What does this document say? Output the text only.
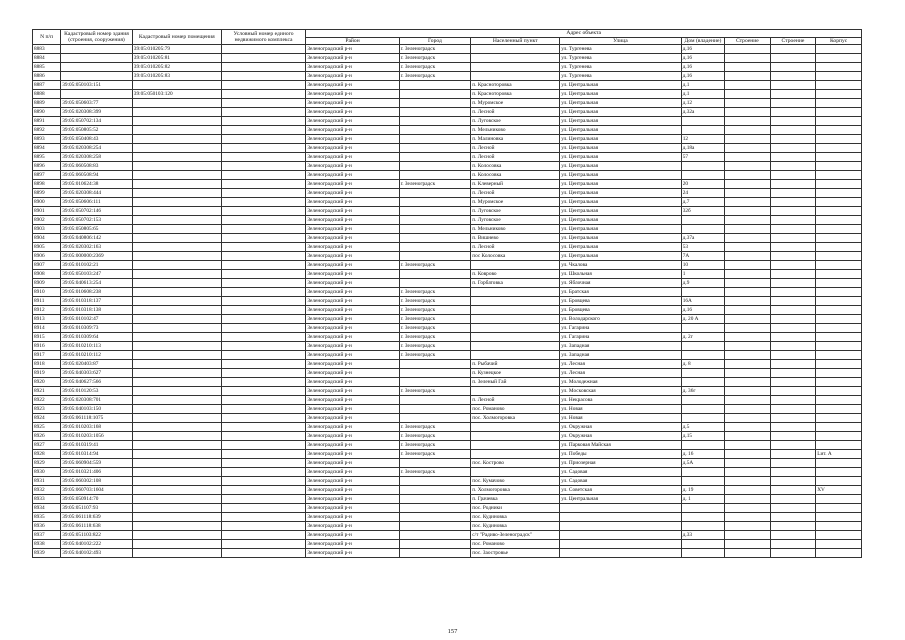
N п/п	Кадастровый номер здания (строения, сооружения)	Кадастровый номер помещения	Условный номер единого недвижимого комплекса	Адрес объекта							
				Район	Город	Населенный пункт	Улица	Дом (владение)	Строение	Строение	Корпус
8883		39:05:010205:79		Зеленоградский р-н	г. Зеленоградск		ул. Тургенева	д.16			
8884		39:05:010205:81		Зеленоградский р-н	г. Зеленоградск		ул. Тургенева	д.16			
8885		39:05:010205:82		Зеленоградский р-н	г. Зеленоградск		ул. Тургенева	д.16			
8886		39:05:010205:83		Зеленоградский р-н	г. Зеленоградск		ул. Тургенева	д.16			
8887	39:05:050103:151			Зеленоградский р-н		п. Красноторовка	ул. Центральная	д.1			
8888		39:05:050103:120		Зеленоградский р-н		п. Красноторовка	ул. Центральная	д.1			
8889	39:05:050603:77			Зеленоградский р-н		п. Муромское	ул. Центральная	д.12			
8890	39:05:020308:399			Зеленоградский р-н		п. Лесной	ул. Центральная	д.32а			
8891	39:05:050702:134			Зеленоградский р-н		п. Луговское	ул. Центральная				
8892	39:05:050805:52			Зеленоградский р-н		п. Мельниково	ул. Центральная				
8893	39:05:050408:43			Зеленоградский р-н		п. Малиновка	ул. Центральная	12			
8894	39:05:020308:254			Зеленоградский р-н		п. Лесной	ул. Центральная	д.18а			
8895	39:05:020308:258			Зеленоградский р-н		п. Лесной	ул. Центральная	57			
8896	39:05:060508:83			Зеленоградский р-н		п. Колосовка	ул. Центральная				
8897	39:05:060508:94			Зеленоградский р-н		п. Колосовка	ул. Центральная				
8898	39:05:010624:38			Зеленоградский р-н	г. Зеленоградск	п. Клеверный	ул. Центральная	20			
8899	39:05:020308:444			Зеленоградский р-н		п. Лесной	ул. Центральная	24			
8900	39:05:050606:111			Зеленоградский р-н		п. Муромское	ул. Центральная	д.7			
8901	39:05:050702:146			Зеленоградский р-н		п. Луговское	ул. Центральная	32б			
8902	39:05:050702:153			Зеленоградский р-н		п. Луговское	ул. Центральная				
8903	39:05:050805:65			Зеленоградский р-н		п. Мельниково	ул. Центральная				
8904	39:05:040806:142			Зеленоградский р-н		п. Вишнево	ул. Центральная	д.37а			
8905	39:05:020302:163			Зеленоградский р-н		п. Лесной	ул. Центральная	53			
8906	39:05:000000:2369			Зеленоградский р-н		пос Колосовка	ул. Центральная	7А			
8907	39:05:010102:21			Зеленоградский р-н	г. Зеленоградск		ул. Чкалова	10			
8908	39:05:050103:247			Зеленоградский р-н		п. Коврово	ул. Школьная	1			
8909	39:05:040613:254			Зеленоградский р-н		п. Горбатовка	ул. Яблочная	д.9			
8910	39:05:010608:238			Зеленоградский р-н	г. Зеленоградск		ул. Братская				
8911	39:05:010318:137			Зеленоградский р-н	г. Зеленоградск		ул. Бровцева	16А			
8912	39:05:010318:138			Зеленоградский р-н	г. Зеленоградск		ул. Бровцева	д.16			
8913	39:05:010102:47			Зеленоградский р-н	г. Зеленоградск		ул. Володарского	д. 20 А			
8914	39:05:010309:73			Зеленоградский р-н	г. Зеленоградск		ул. Гагарина				
8915	39:05:010309:64			Зеленоградский р-н	г. Зеленоградск		ул. Гагарина	д. 2г			
8916	39:05:010210:113			Зеленоградский р-н	г. Зеленоградск		ул. Западная				
8917	39:05:010210:112			Зеленоградский р-н	г. Зеленоградск		ул. Западная				
8918	39:05:020403:87			Зеленоградский р-н		п. Рыбачий	ул. Лесная	д. 8			
8919	39:05:040303:627			Зеленоградский р-н		п. Кузнецкое	ул. Лесная				
8920	39:05:040627:566			Зеленоградский р-н		п. Зеленый Гай	ул. Молодежная				
8921	39:05:010120:53			Зеленоградский р-н	г. Зеленоградск		ул. Московская	д. 36г			
8922	39:05:020308:701			Зеленоградский р-н		п. Лесной	ул. Некрасова				
8923	39:05:040103:150			Зеленоградский р-н		пос. Романово	ул. Новая				
8924	39:05:061118:1075			Зеленоградский р-н		пос. Холмогоровка	ул. Новая				
8925	39:05:010203:168			Зеленоградский р-н	г. Зеленоградск		ул. Окружная	д.5			
8926	39:05:010203:1056			Зеленоградский р-н	г. Зеленоградск		ул. Окружная	д.15			
8927	39:05:010319:41			Зеленоградский р-н	г. Зеленоградск		ул. Парковая Майская				
8928	39:05:010314:94			Зеленоградский р-н	г. Зеленоградск		ул. Победы	д. 16			Lит. А
8929	39:05:060904:559			Зеленоградский р-н		пос. Кострово	ул. Приозерная	д.5А			
8930	39:05:010321:406			Зеленоградский р-н	г. Зеленоградск		ул. Садовая				
8931	39:05:060302:108			Зеленоградский р-н		пос. Кумачово	ул. Садовая				
8932	39:05:060703:1604			Зеленоградский р-н		п. Холмогоровка	ул. Советская	д. 19			XV
8933	39:05:050914:70			Зеленоградский р-н		п. Грачевка	ул. Центральная	д. 1			
8934	39:05:051107:93			Зеленоградский р-н		пос. Родники					
8935	39:05:061118:639			Зеленоградский р-н		пос. Кудиновка					
8936	39:05:061118:638			Зеленоградский р-н		пос. Кудиновка					
8937	39:05:051103:822			Зеленоградский р-н		с/т "Радиво-Зеленоградск"		д.33			
8938	39:05:040102:222			Зеленоградский р-н		пос. Романово					
8939	39:05:040102:493			Зеленоградский р-н		пос. Заостровье					
157
